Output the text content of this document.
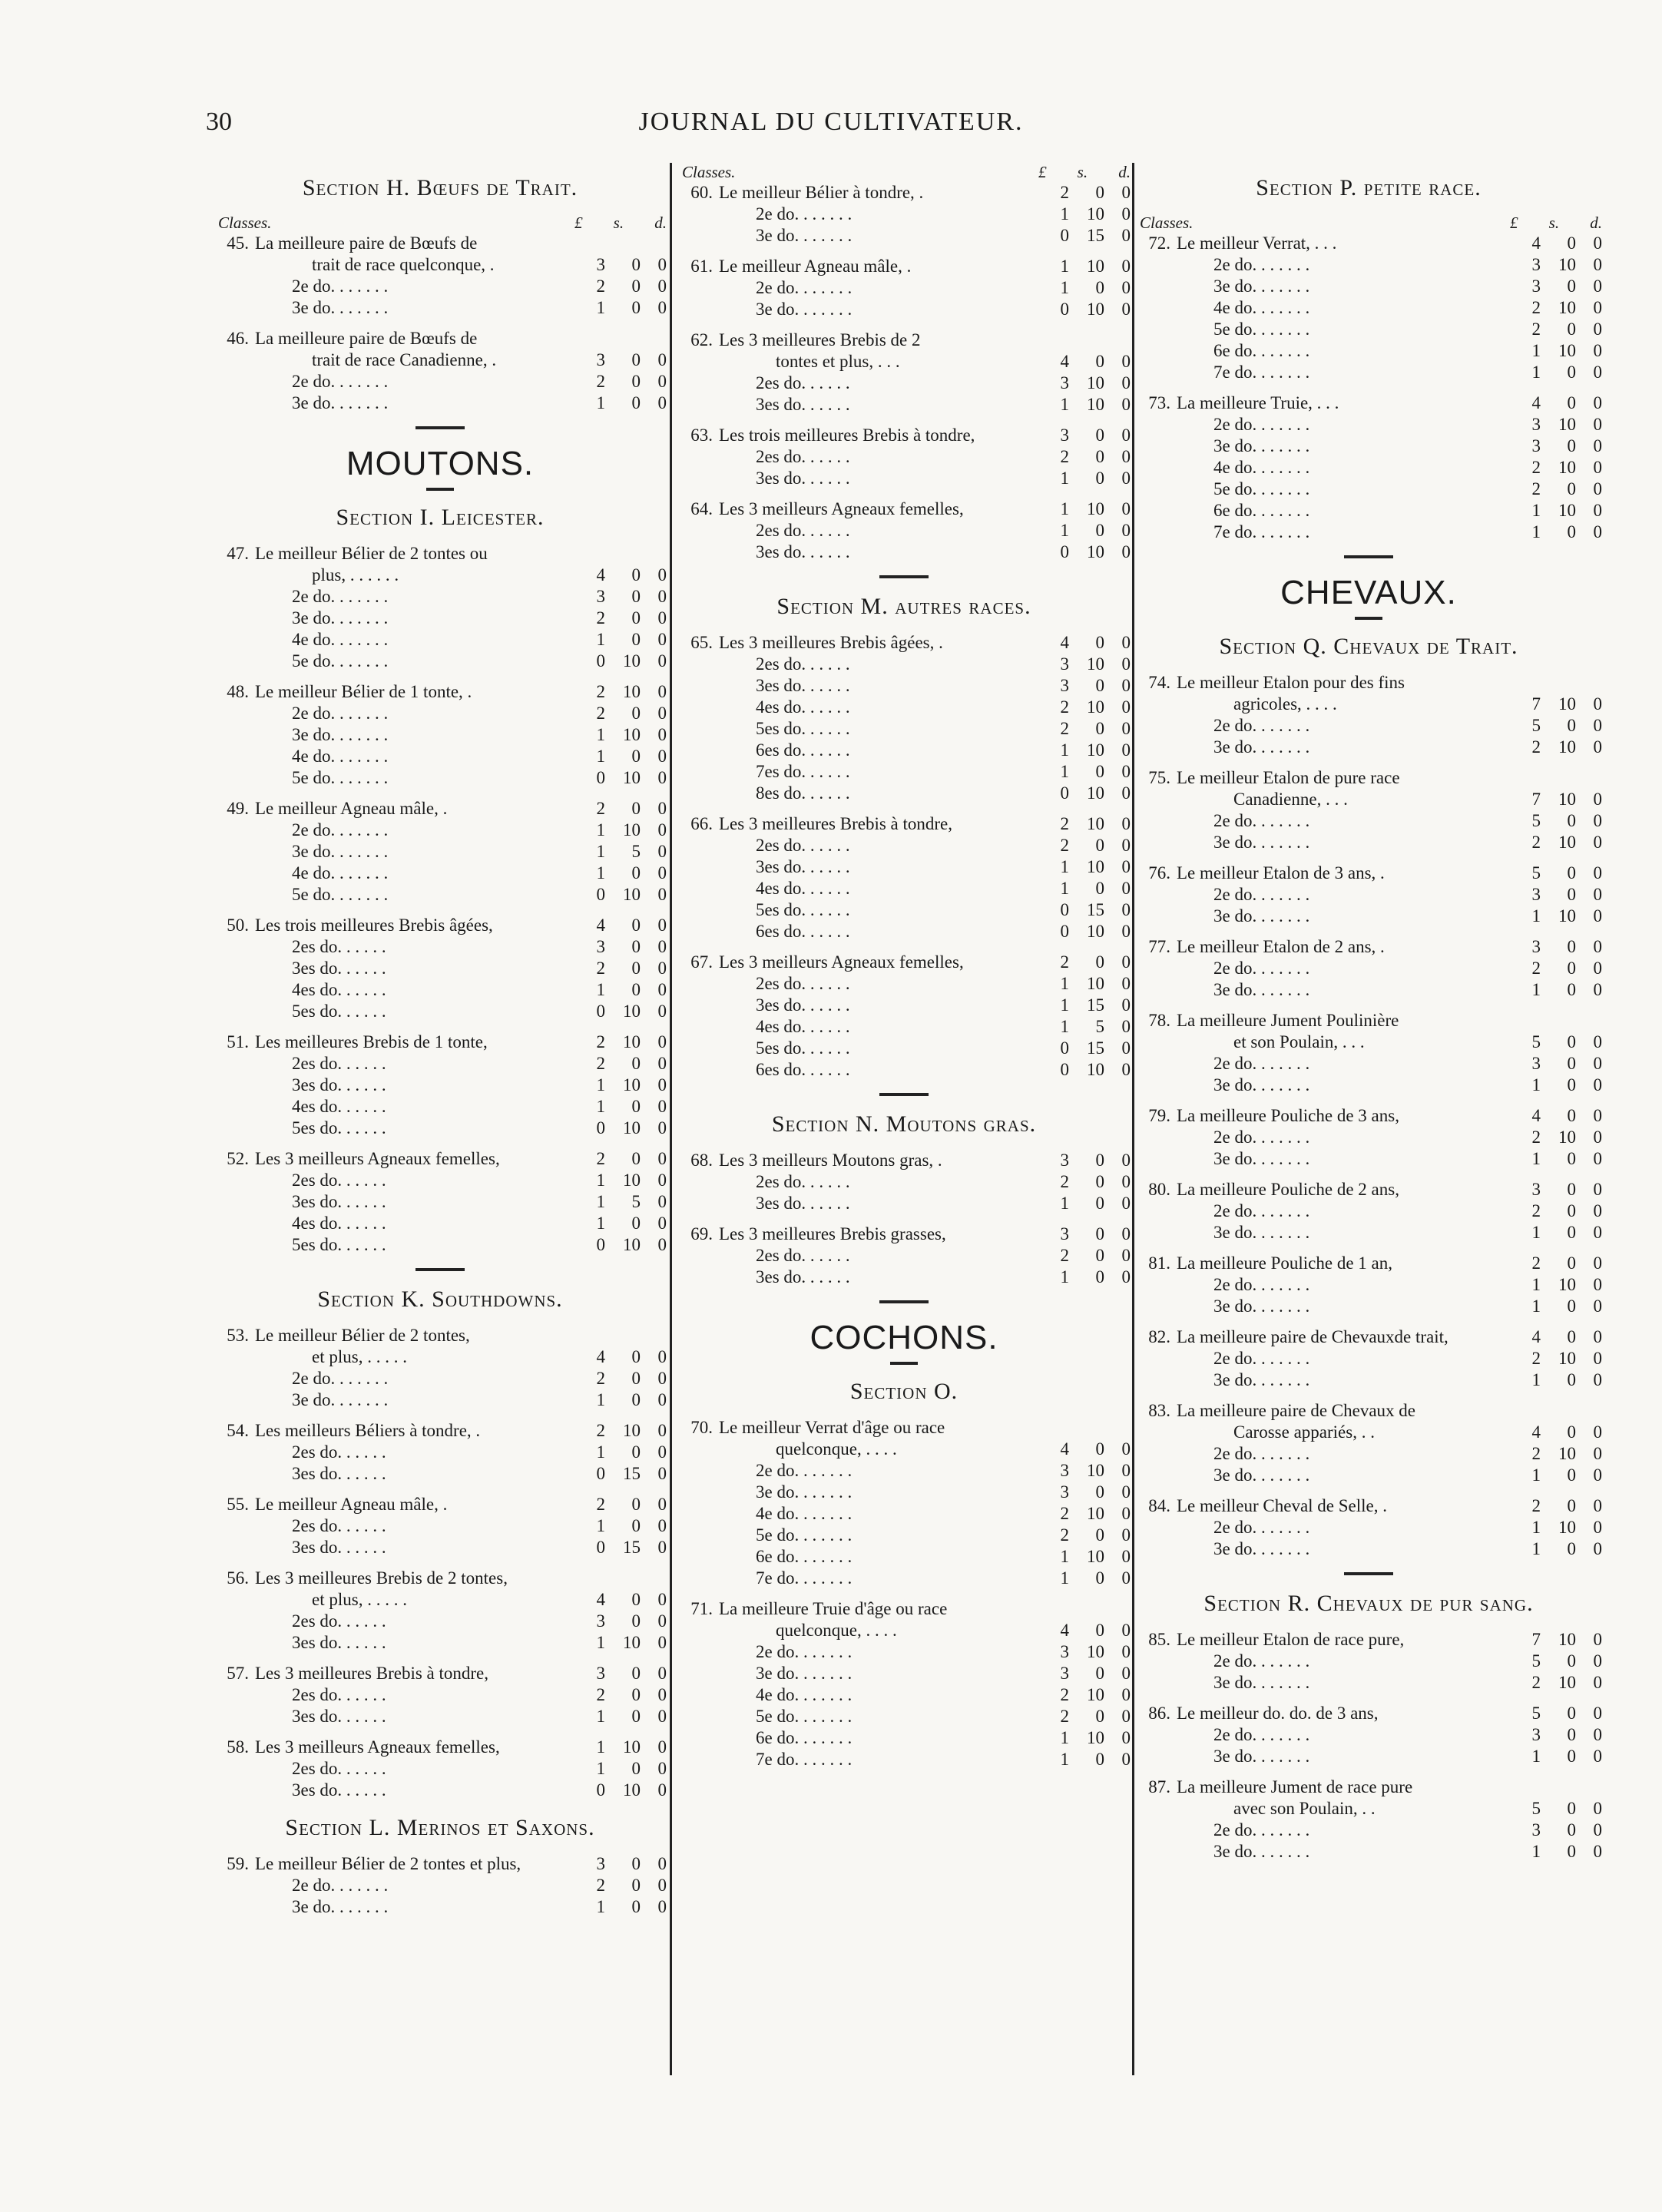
30	JOURNAL DU CULTIVATEUR.
Section H. Bœufs de Trait.
Classes.	£ s. d.
45. La meilleure paire de Bœufs de
trait de race quelconque, .	3	0 0
2e do. . . . . . .	2	0 0
3e do. . . . . . .	1	0 0
46. La meilleure paire de Bœufs de
trait de race Canadienne, .	3	0 0
2e do. . . . . . .	2	0 0
3e do. . . . . . .	1	0 0
MOUTONS.
Section I. Leicester.
47. Le meilleur Bélier de 2 tontes ou
plus, . . . . . .	4	0 0
2e do. . . . . . .	3	0 0
3e do. . . . . . .	2	0 0
4e do. . . . . . .	1	0 0
5e do. . . . . . .	0	10 0
48. Le meilleur Bélier de 1 tonte, .	2	10 0
2e do. . . . . . .	2	0 0
3e do. . . . . . .	1	10 0
4e do. . . . . . .	1	0 0
5e do. . . . . . .	0	10 0
49. Le meilleur Agneau mâle, .	2	0 0
2e do. . . . . . .	1	10 0
3e do. . . . . . .	1	5 0
4e do. . . . . . .	1	0 0
5e do. . . . . . .	0	10 0
50. Les trois meilleures Brebis âgées,	4	0 0
2es do. . . . . .	3	0 0
3es do. . . . . .	2	0 0
4es do. . . . . .	1	0 0
5es do. . . . . .	0	10 0
51. Les meilleures Brebis de 1 tonte,	2	10 0
2es do. . . . . .	2	0 0
3es do. . . . . .	1	10 0
4es do. . . . . .	1	0 0
5es do. . . . . .	0	10 0
52. Les 3 meilleurs Agneaux femelles,	2	0 0
2es do. . . . . .	1	10 0
3es do. . . . . .	1	5 0
4es do. . . . . .	1	0 0
5es do. . . . . .	0	10 0
Section K. Southdowns.
53. Le meilleur Bélier de 2 tontes,
et plus, . . . . .	4	0 0
2e do. . . . . . .	2	0 0
3e do. . . . . . .	1	0 0
54. Les meilleurs Béliers à tondre, .	2	10 0
2es do. . . . . .	1	0 0
3es do. . . . . .	0	15 0
55. Le meilleur Agneau mâle, .	2	0 0
2es do. . . . . .	1	0 0
3es do. . . . . .	0	15 0
56. Les 3 meilleures Brebis de 2 tontes,
et plus, . . . . .	4	0 0
2es do. . . . . .	3	0 0
3es do. . . . . .	1	10 0
57. Les 3 meilleures Brebis à tondre,	3	0 0
2es do. . . . . .	2	0 0
3es do. . . . . .	1	0 0
58. Les 3 meilleurs Agneaux femelles,	1	10 0
2es do. . . . . .	1	0 0
3es do. . . . . .	0	10 0
Section L. Merinos et Saxons.
59. Le meilleur Bélier de 2 tontes et plus,	3	0 0
2e do. . . . . . .	2	0 0
3e do. . . . . . .	1	0 0
Classes.	£ s. d.
60. Le meilleur Bélier à tondre, .	2	0 0
2e do. . . . . . .	1	10 0
3e do. . . . . . .	0	15 0
61. Le meilleur Agneau mâle, .	1	10 0
2e do. . . . . . .	1	0 0
3e do. . . . . . .	0	10 0
62. Les 3 meilleures Brebis de 2
tontes et plus, . . .	4	0 0
2es do. . . . . .	3	10 0
3es do. . . . . .	1	10 0
63. Les trois meilleures Brebis à tondre,	3	0 0
2es do. . . . . .	2	0 0
3es do. . . . . .	1	0 0
64. Les 3 meilleurs Agneaux femelles,	1	10 0
2es do. . . . . .	1	0 0
3es do. . . . . .	0	10 0
Section M. autres races.
65. Les 3 meilleures Brebis âgées, .	4	0 0
2es do. . . . . .	3	10 0
3es do. . . . . .	3	0 0
4es do. . . . . .	2	10 0
5es do. . . . . .	2	0 0
6es do. . . . . .	1	10 0
7es do. . . . . .	1	0 0
8es do. . . . . .	0	10 0
66. Les 3 meilleures Brebis à tondre,	2	10 0
2es do. . . . . .	2	0 0
3es do. . . . . .	1	10 0
4es do. . . . . .	1	0 0
5es do. . . . . .	0	15 0
6es do. . . . . .	0	10 0
67. Les 3 meilleurs Agneaux femelles,	2	0 0
2es do. . . . . .	1	10 0
3es do. . . . . .	1	15 0
4es do. . . . . .	1	5 0
5es do. . . . . .	0	15 0
6es do. . . . . .	0	10 0
Section N. Moutons gras.
68. Les 3 meilleurs Moutons gras, .	3	0 0
2es do. . . . . .	2	0 0
3es do. . . . . .	1	0 0
69. Les 3 meilleures Brebis grasses,	3	0 0
2es do. . . . . .	2	0 0
3es do. . . . . .	1	0 0
COCHONS.
Section O.
70. Le meilleur Verrat d'âge ou race
quelconque, . . . .	4	0 0
2e do. . . . . . .	3	10 0
3e do. . . . . . .	3	0 0
4e do. . . . . . .	2	10 0
5e do. . . . . . .	2	0 0
6e do. . . . . . .	1	10 0
7e do. . . . . . .	1	0 0
71. La meilleure Truie d'âge ou race
quelconque, . . . .	4	0 0
2e do. . . . . . .	3	10 0
3e do. . . . . . .	3	0 0
4e do. . . . . . .	2	10 0
5e do. . . . . . .	2	0 0
6e do. . . . . . .	1	10 0
7e do. . . . . . .	1	0 0
Section P. petite race.
Classes.	£ s. d.
72. Le meilleur Verrat, . . .	4	0 0
2e do. . . . . . .	3	10 0
3e do. . . . . . .	3	0 0
4e do. . . . . . .	2	10 0
5e do. . . . . . .	2	0 0
6e do. . . . . . .	1	10 0
7e do. . . . . . .	1	0 0
73. La meilleure Truie, . . .	4	0 0
2e do. . . . . . .	3	10 0
3e do. . . . . . .	3	0 0
4e do. . . . . . .	2	10 0
5e do. . . . . . .	2	0 0
6e do. . . . . . .	1	10 0
7e do. . . . . . .	1	0 0
CHEVAUX.
Section Q. Chevaux de Trait.
74. Le meilleur Etalon pour des fins
agricoles, . . . .	7	10 0
2e do. . . . . . .	5	0 0
3e do. . . . . . .	2	10 0
75. Le meilleur Etalon de pure race
Canadienne, . . .	7	10 0
2e do. . . . . . .	5	0 0
3e do. . . . . . .	2	10 0
76. Le meilleur Etalon de 3 ans, .	5	0 0
2e do. . . . . . .	3	0 0
3e do. . . . . . .	1	10 0
77. Le meilleur Etalon de 2 ans, .	3	0 0
2e do. . . . . . .	2	0 0
3e do. . . . . . .	1	0 0
78. La meilleure Jument Poulinière
et son Poulain, . . .	5	0 0
2e do. . . . . . .	3	0 0
3e do. . . . . . .	1	0 0
79. La meilleure Pouliche de 3 ans,	4	0 0
2e do. . . . . . .	2	10 0
3e do. . . . . . .	1	0 0
80. La meilleure Pouliche de 2 ans,	3	0 0
2e do. . . . . . .	2	0 0
3e do. . . . . . .	1	0 0
81. La meilleure Pouliche de 1 an,	2	0 0
2e do. . . . . . .	1	10 0
3e do. . . . . . .	1	0 0
82. La meilleure paire de Chevauxde trait,	4	0 0
2e do. . . . . . .	2	10 0
3e do. . . . . . .	1	0 0
83. La meilleure paire de Chevaux de
Carosse appariés, . .	4	0 0
2e do. . . . . . .	2	10 0
3e do. . . . . . .	1	0 0
84. Le meilleur Cheval de Selle, .	2	0 0
2e do. . . . . . .	1	10 0
3e do. . . . . . .	1	0 0
Section R. Chevaux de pur sang.
85. Le meilleur Etalon de race pure,	7	10 0
2e do. . . . . . .	5	0 0
3e do. . . . . . .	2	10 0
86. Le meilleur do. do. de 3 ans,	5	0 0
2e do. . . . . . .	3	0 0
3e do. . . . . . .	1	0 0
87. La meilleure Jument de race pure
avec son Poulain, . .	5	0 0
2e do. . . . . . .	3	0 0
3e do. . . . . . .	1	0 0
